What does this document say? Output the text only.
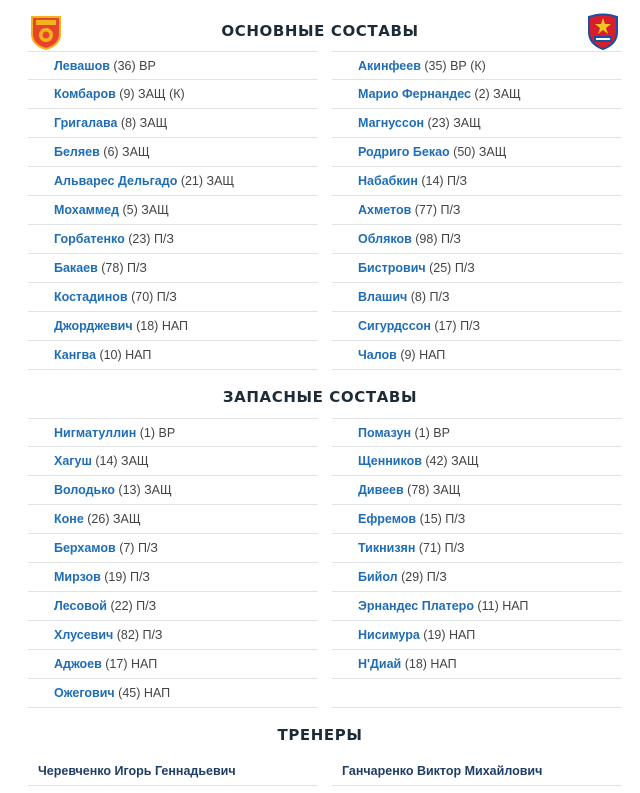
ОСНОВНЫЕ СОСТАВЫ
Левашов (36) ВР
Комбаров (9) ЗАЩ (К)
Григалава (8) ЗАЩ
Беляев (6) ЗАЩ
Альварес Дельгадо (21) ЗАЩ
Мохаммед (5) ЗАЩ
Горбатенко (23) П/З
Бакаев (78) П/З
Костадинов (70) П/З
Джорджевич (18) НАП
Кангва (10) НАП
Акинфеев (35) ВР (К)
Марио Фернандес (2) ЗАЩ
Магнуссон (23) ЗАЩ
Родриго Бекао (50) ЗАЩ
Набабкин (14) П/З
Ахметов (77) П/З
Обляков (98) П/З
Бистрович (25) П/З
Влашич (8) П/З
Сигурдссон (17) П/З
Чалов (9) НАП
ЗАПАСНЫЕ СОСТАВЫ
Нигматуллин (1) ВР
Хагуш (14) ЗАЩ
Володько (13) ЗАЩ
Коне (26) ЗАЩ
Берхамов (7) П/З
Мирзов (19) П/З
Лесовой (22) П/З
Хлусевич (82) П/З
Аджоев (17) НАП
Ожегович (45) НАП
Помазун (1) ВР
Щенников (42) ЗАЩ
Дивеев (78) ЗАЩ
Ефремов (15) П/З
Тикнизян (71) П/З
Бийол (29) П/З
Эрнандес Платеро (11) НАП
Нисимура (19) НАП
Н'Диай (18) НАП
ТРЕНЕРЫ
Черевченко Игорь Геннадьевич	Ганчаренко Виктор Михайлович
